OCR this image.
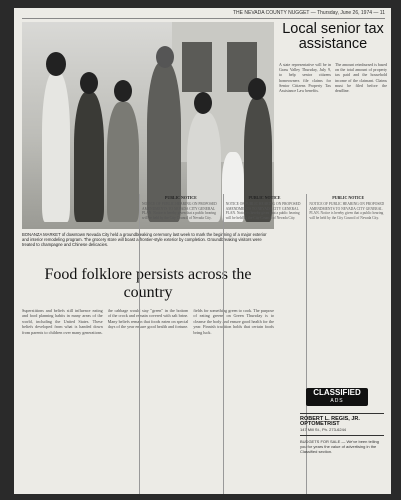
THE NEVADA COUNTY NUGGET — Thursday, June 26, 1974 — 11
BONANZA MARKET of downtown Nevada City held a groundbreaking ceremony last week to mark the beginning of a major exterior and interior remodeling program. The grocery store will boast a frontier-style exterior by completion. Groundbreaking visitors were treated to champagne and Chinese delicacies.
Food folklore persists across the country
Superstitions and beliefs still influence eating and food planning habits in many areas of the world, including the United States. These beliefs developed from what is handed down from parents to children over many generations.
the cabbage would stay "green" in the bottom of the crock and remain covered with salt brine. Many beliefs remain that foods eaten on special days of the year ensure good health and fortune.
fields for something green to cook. The purpose of eating greens on Green Thursday is to cleanse the body and ensure good health for the year. Finnish tradition holds that certain foods bring luck.
Local senior tax assistance
A state representative will be in Grass Valley Thursday, July 9, to help senior citizens homeowners file claims for Senior Citizens Property Tax Assistance Law benefits.
The amount reimbursed is based on the total amount of property tax paid and the household income of the claimant. Claims must be filed before the deadline.
PUBLIC NOTICE
NOTICE OF PUBLIC HEARING ON PROPOSED AMENDMENTS TO NEVADA CITY GENERAL PLAN. Notice is hereby given that a public hearing will be held by the City Council of Nevada City.
PUBLIC NOTICE
NOTICE OF PUBLIC HEARING ON PROPOSED AMENDMENTS TO NEVADA CITY GENERAL PLAN. Notice is hereby given that a public hearing will be held by the City Council of Nevada City.
PUBLIC NOTICE
NOTICE OF PUBLIC HEARING ON PROPOSED AMENDMENTS TO NEVADA CITY GENERAL PLAN. Notice is hereby given that a public hearing will be held by the City Council of Nevada City.
CLASSIFIED
ADS
ROBERT L. REGIS, JR. OPTOMETRIST
147 Mill St., Ph. 273-6244
BUDGETS FOR SALE — We've been telling you for years the value of advertising in the Classified section.
